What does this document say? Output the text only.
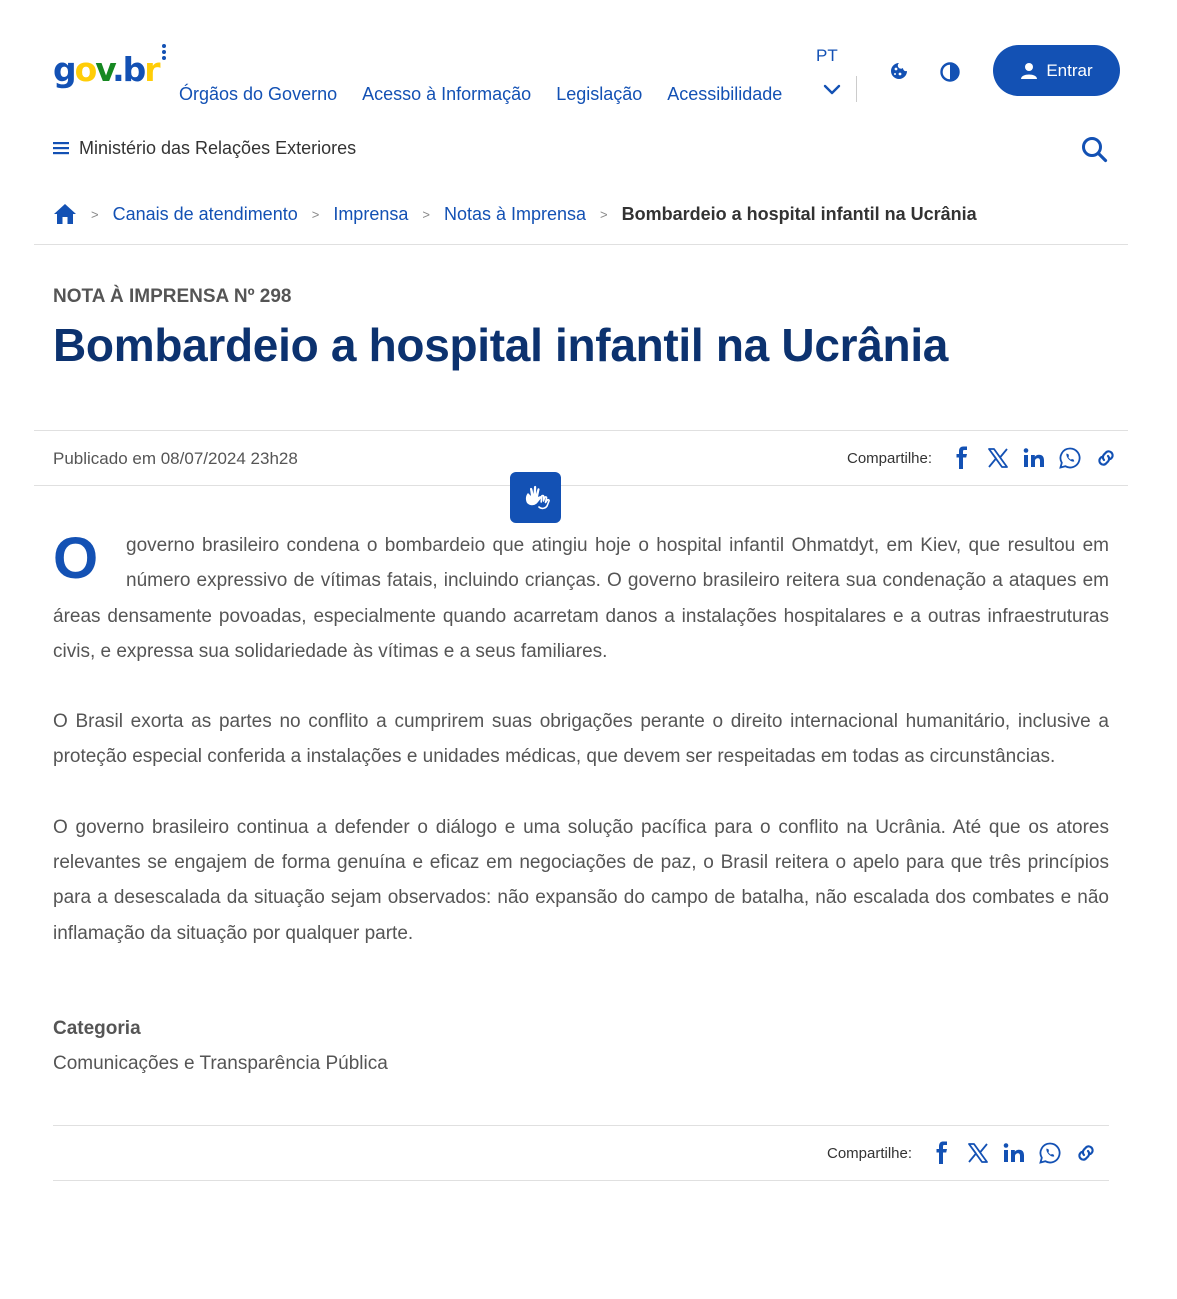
gov.br
Órgãos do Governo Acesso à Informação Legislação Acessibilidade
PT
Entrar
Ministério das Relações Exteriores
> Canais de atendimento > Imprensa > Notas à Imprensa > Bombardeio a hospital infantil na Ucrânia
NOTA À IMPRENSA Nº 298
Bombardeio a hospital infantil na Ucrânia
Publicado em 08/07/2024 23h28	Compartilhe:

O governo brasileiro condena o bombardeio que atingiu hoje o hospital infantil Ohmatdyt, em Kiev, que resultou em número expressivo de vítimas fatais, incluindo crianças. O governo brasileiro reitera sua condenação a ataques em áreas densamente povoadas, especialmente quando acarretam danos a instalações hospitalares e a outras infraestruturas civis, e expressa sua solidariedade às vítimas e a seus familiares.

O Brasil exorta as partes no conflito a cumprirem suas obrigações perante o direito internacional humanitário, inclusive a proteção especial conferida a instalações e unidades médicas, que devem ser respeitadas em todas as circunstâncias.

O governo brasileiro continua a defender o diálogo e uma solução pacífica para o conflito na Ucrânia. Até que os atores relevantes se engajem de forma genuína e eficaz em negociações de paz, o Brasil reitera o apelo para que três princípios para a desescalada da situação sejam observados: não expansão do campo de batalha, não escalada dos combates e não inflamação da situação por qualquer parte.

Categoria
Comunicações e Transparência Pública
Compartilhe:
